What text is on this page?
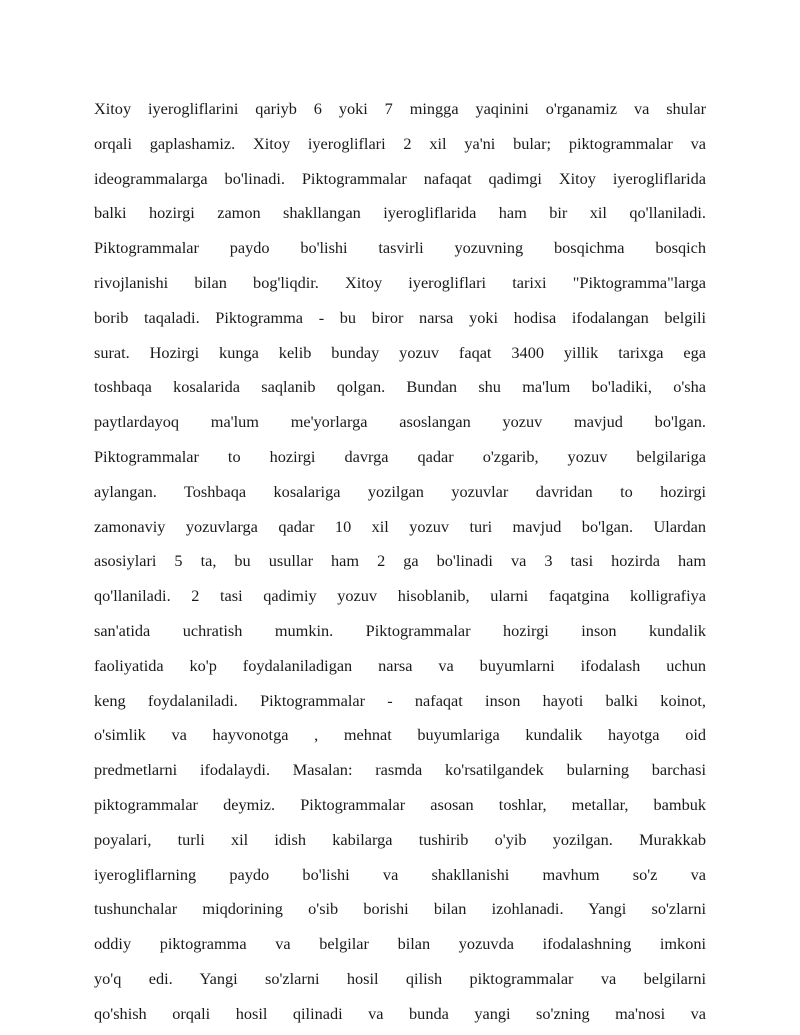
Xitoy iyerogliflarini qariyb 6 yoki 7 mingga yaqinini o'rganamiz va shular
orqali gaplashamiz. Xitoy iyerogliflari 2 xil ya'ni bular; piktogrammalar va
ideogrammalarga bo'linadi. Piktogrammalar nafaqat qadimgi Xitoy iyerogliflarida
balki hozirgi zamon shakllangan iyerogliflarida ham bir xil qo'llaniladi.
Piktogrammalar paydo bo'lishi tasvirli yozuvning bosqichma bosqich
rivojlanishi bilan bog'liqdir. Xitoy iyerogliflari tarixi "Piktogramma"larga
borib taqaladi. Piktogramma - bu biror narsa yoki hodisa ifodalangan belgili
surat. Hozirgi kunga kelib bunday yozuv faqat 3400 yillik tarixga ega
toshbaqa kosalarida saqlanib qolgan. Bundan shu ma'lum bo'ladiki, o'sha
paytlardayoq ma'lum me'yorlarga asoslangan yozuv mavjud bo'lgan.
Piktogrammalar to hozirgi davrga qadar o'zgarib, yozuv belgilariga
aylangan. Toshbaqa kosalariga yozilgan yozuvlar davridan to hozirgi
zamonaviy yozuvlarga qadar 10 xil yozuv turi mavjud bo'lgan. Ulardan
asosiylari 5 ta, bu usullar ham 2 ga bo'linadi va 3 tasi hozirda ham
qo'llaniladi. 2 tasi qadimiy yozuv hisoblanib, ularni faqatgina kolligrafiya
san'atida uchratish mumkin. Piktogrammalar hozirgi inson kundalik
faoliyatida ko'p foydalaniladigan narsa va buyumlarni ifodalash uchun
keng foydalaniladi. Piktogrammalar - nafaqat inson hayoti balki koinot,
o'simlik va hayvonotga , mehnat buyumlariga kundalik hayotga oid
predmetlarni ifodalaydi. Masalan: rasmda ko'rsatilgandek bularning barchasi
piktogrammalar deymiz. Piktogrammalar asosan toshlar, metallar, bambuk
poyalari, turli xil idish kabilarga tushirib o'yib yozilgan. Murakkab
iyerogliflarning paydo bo'lishi va shakllanishi mavhum so'z va
tushunchalar miqdorining o'sib borishi bilan izohlanadi. Yangi so'zlarni
oddiy piktogramma va belgilar bilan yozuvda ifodalashning imkoni
yo'q edi. Yangi so'zlarni hosil qilish piktogrammalar va belgilarni
qo'shish orqali hosil qilinadi va bunda yangi so'zning ma'nosi va
